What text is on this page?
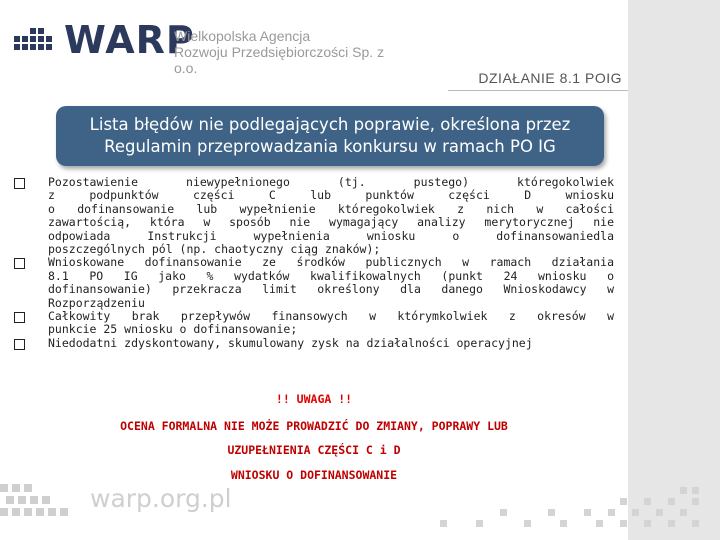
WARP
Wielkopolska Agencja
Rozwoju Przedsiębiorczości Sp. z o.o.
DZIAŁANIE 8.1 POIG
Lista błędów nie podlegających poprawie, określona przez
Regulamin przeprowadzania konkursu w ramach PO IG
Pozostawienie niewypełnionego (tj. pustego) któregokolwiek
z podpunktów części C lub punktów części D wniosku
o dofinansowanie lub wypełnienie któregokolwiek z nich w całości
zawartością, która w sposób nie wymagający analizy merytorycznej nie
odpowiada Instrukcji wypełnienia wniosku o dofinansowaniedla
poszczególnych pól (np. chaotyczny ciąg znaków);
Wnioskowane dofinansowanie ze środków publicznych w ramach działania
8.1 PO IG jako % wydatków kwalifikowalnych (punkt 24 wniosku o
dofinansowanie) przekracza limit określony dla danego Wnioskodawcy w
Rozporządzeniu
Całkowity brak przepływów finansowych w którymkolwiek z okresów w
punkcie 25 wniosku o dofinansowanie;
Niedodatni zdyskontowany, skumulowany zysk na działalności operacyjnej
!! UWAGA !!
OCENA FORMALNA NIE MOŻE PROWADZIĆ DO ZMIANY, POPRAWY LUB
UZUPEŁNIENIA CZĘŚCI C i D
WNIOSKU O DOFINANSOWANIE
warp.org.pl
